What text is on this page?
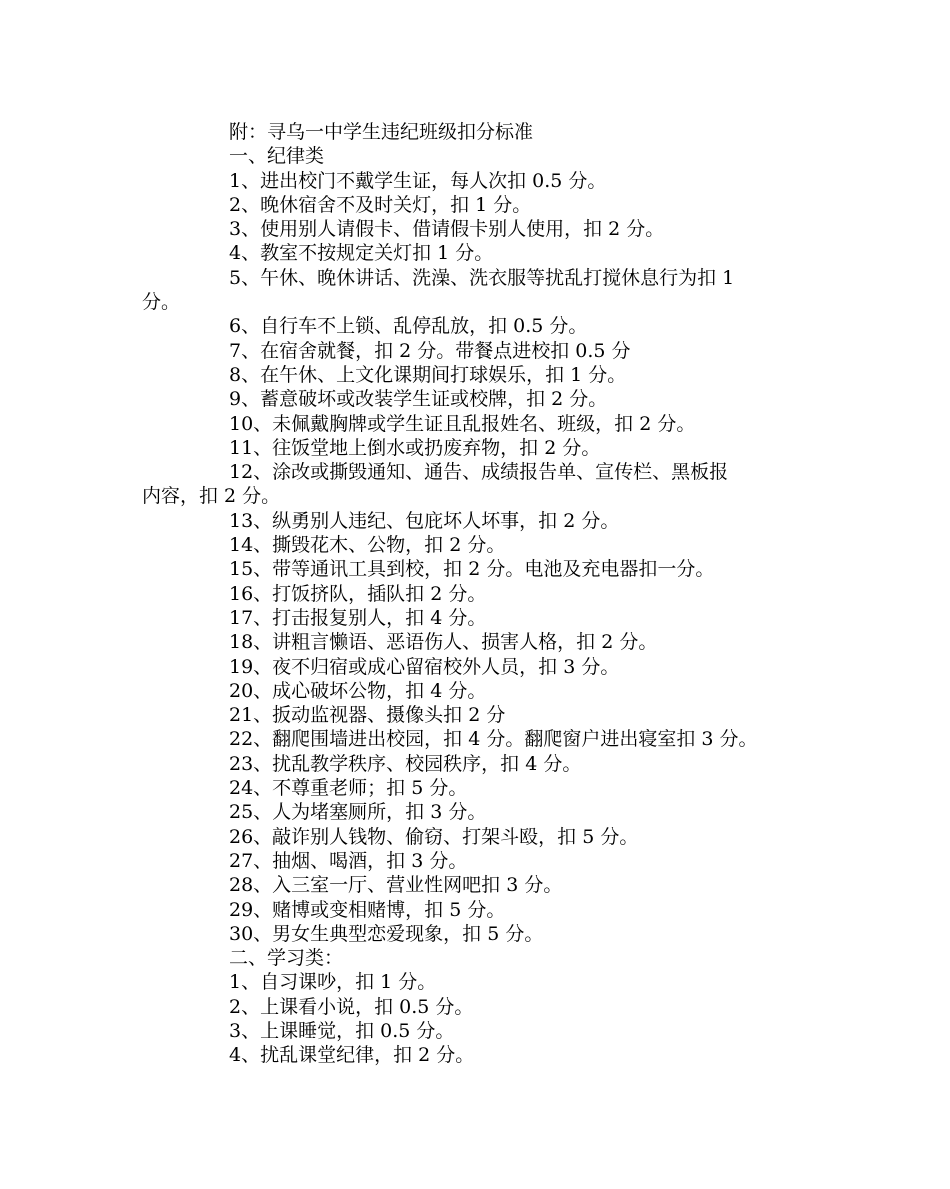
附：寻乌一中学生违纪班级扣分标准

一、纪律类

1、进出校门不戴学生证，每人次扣 0.5 分。

2、晚休宿舍不及时关灯，扣 1 分。

3、使用别人请假卡、借请假卡别人使用，扣 2 分。

4、教室不按规定关灯扣 1 分。

5、午休、晚休讲话、洗澡、洗衣服等扰乱打搅休息行为扣 1

分。

6、自行车不上锁、乱停乱放，扣 0.5 分。

7、在宿舍就餐，扣 2 分。带餐点进校扣 0.5 分

8、在午休、上文化课期间打球娱乐，扣 1 分。

9、蓄意破坏或改装学生证或校牌，扣 2 分。

10、未佩戴胸牌或学生证且乱报姓名、班级，扣 2 分。

11、往饭堂地上倒水或扔废弃物，扣 2 分。

12、涂改或撕毁通知、通告、成绩报告单、宣传栏、黑板报

内容，扣 2 分。

13、纵勇别人违纪、包庇坏人坏事，扣 2 分。

14、撕毁花木、公物，扣 2 分。

15、带等通讯工具到校，扣 2 分。电池及充电器扣一分。

16、打饭挤队，插队扣 2 分。

17、打击报复别人，扣 4 分。

18、讲粗言懒语、恶语伤人、损害人格，扣 2 分。

19、夜不归宿或成心留宿校外人员，扣 3 分。

20、成心破坏公物，扣 4 分。

21、扳动监视器、摄像头扣 2 分

22、翻爬围墙进出校园，扣 4 分。翻爬窗户进出寝室扣 3 分。

23、扰乱教学秩序、校园秩序，扣 4 分。

24、不尊重老师；扣 5 分。

25、人为堵塞厕所，扣 3 分。

26、敲诈别人钱物、偷窃、打架斗殴，扣 5 分。

27、抽烟、喝酒，扣 3 分。

28、入三室一厅、营业性网吧扣 3 分。

29、赌博或变相赌博，扣 5 分。

30、男女生典型恋爱现象，扣 5 分。

二、学习类：

1、自习课吵，扣 1 分。

2、上课看小说，扣 0.5 分。

3、上课睡觉，扣 0.5 分。

4、扰乱课堂纪律，扣 2 分。
